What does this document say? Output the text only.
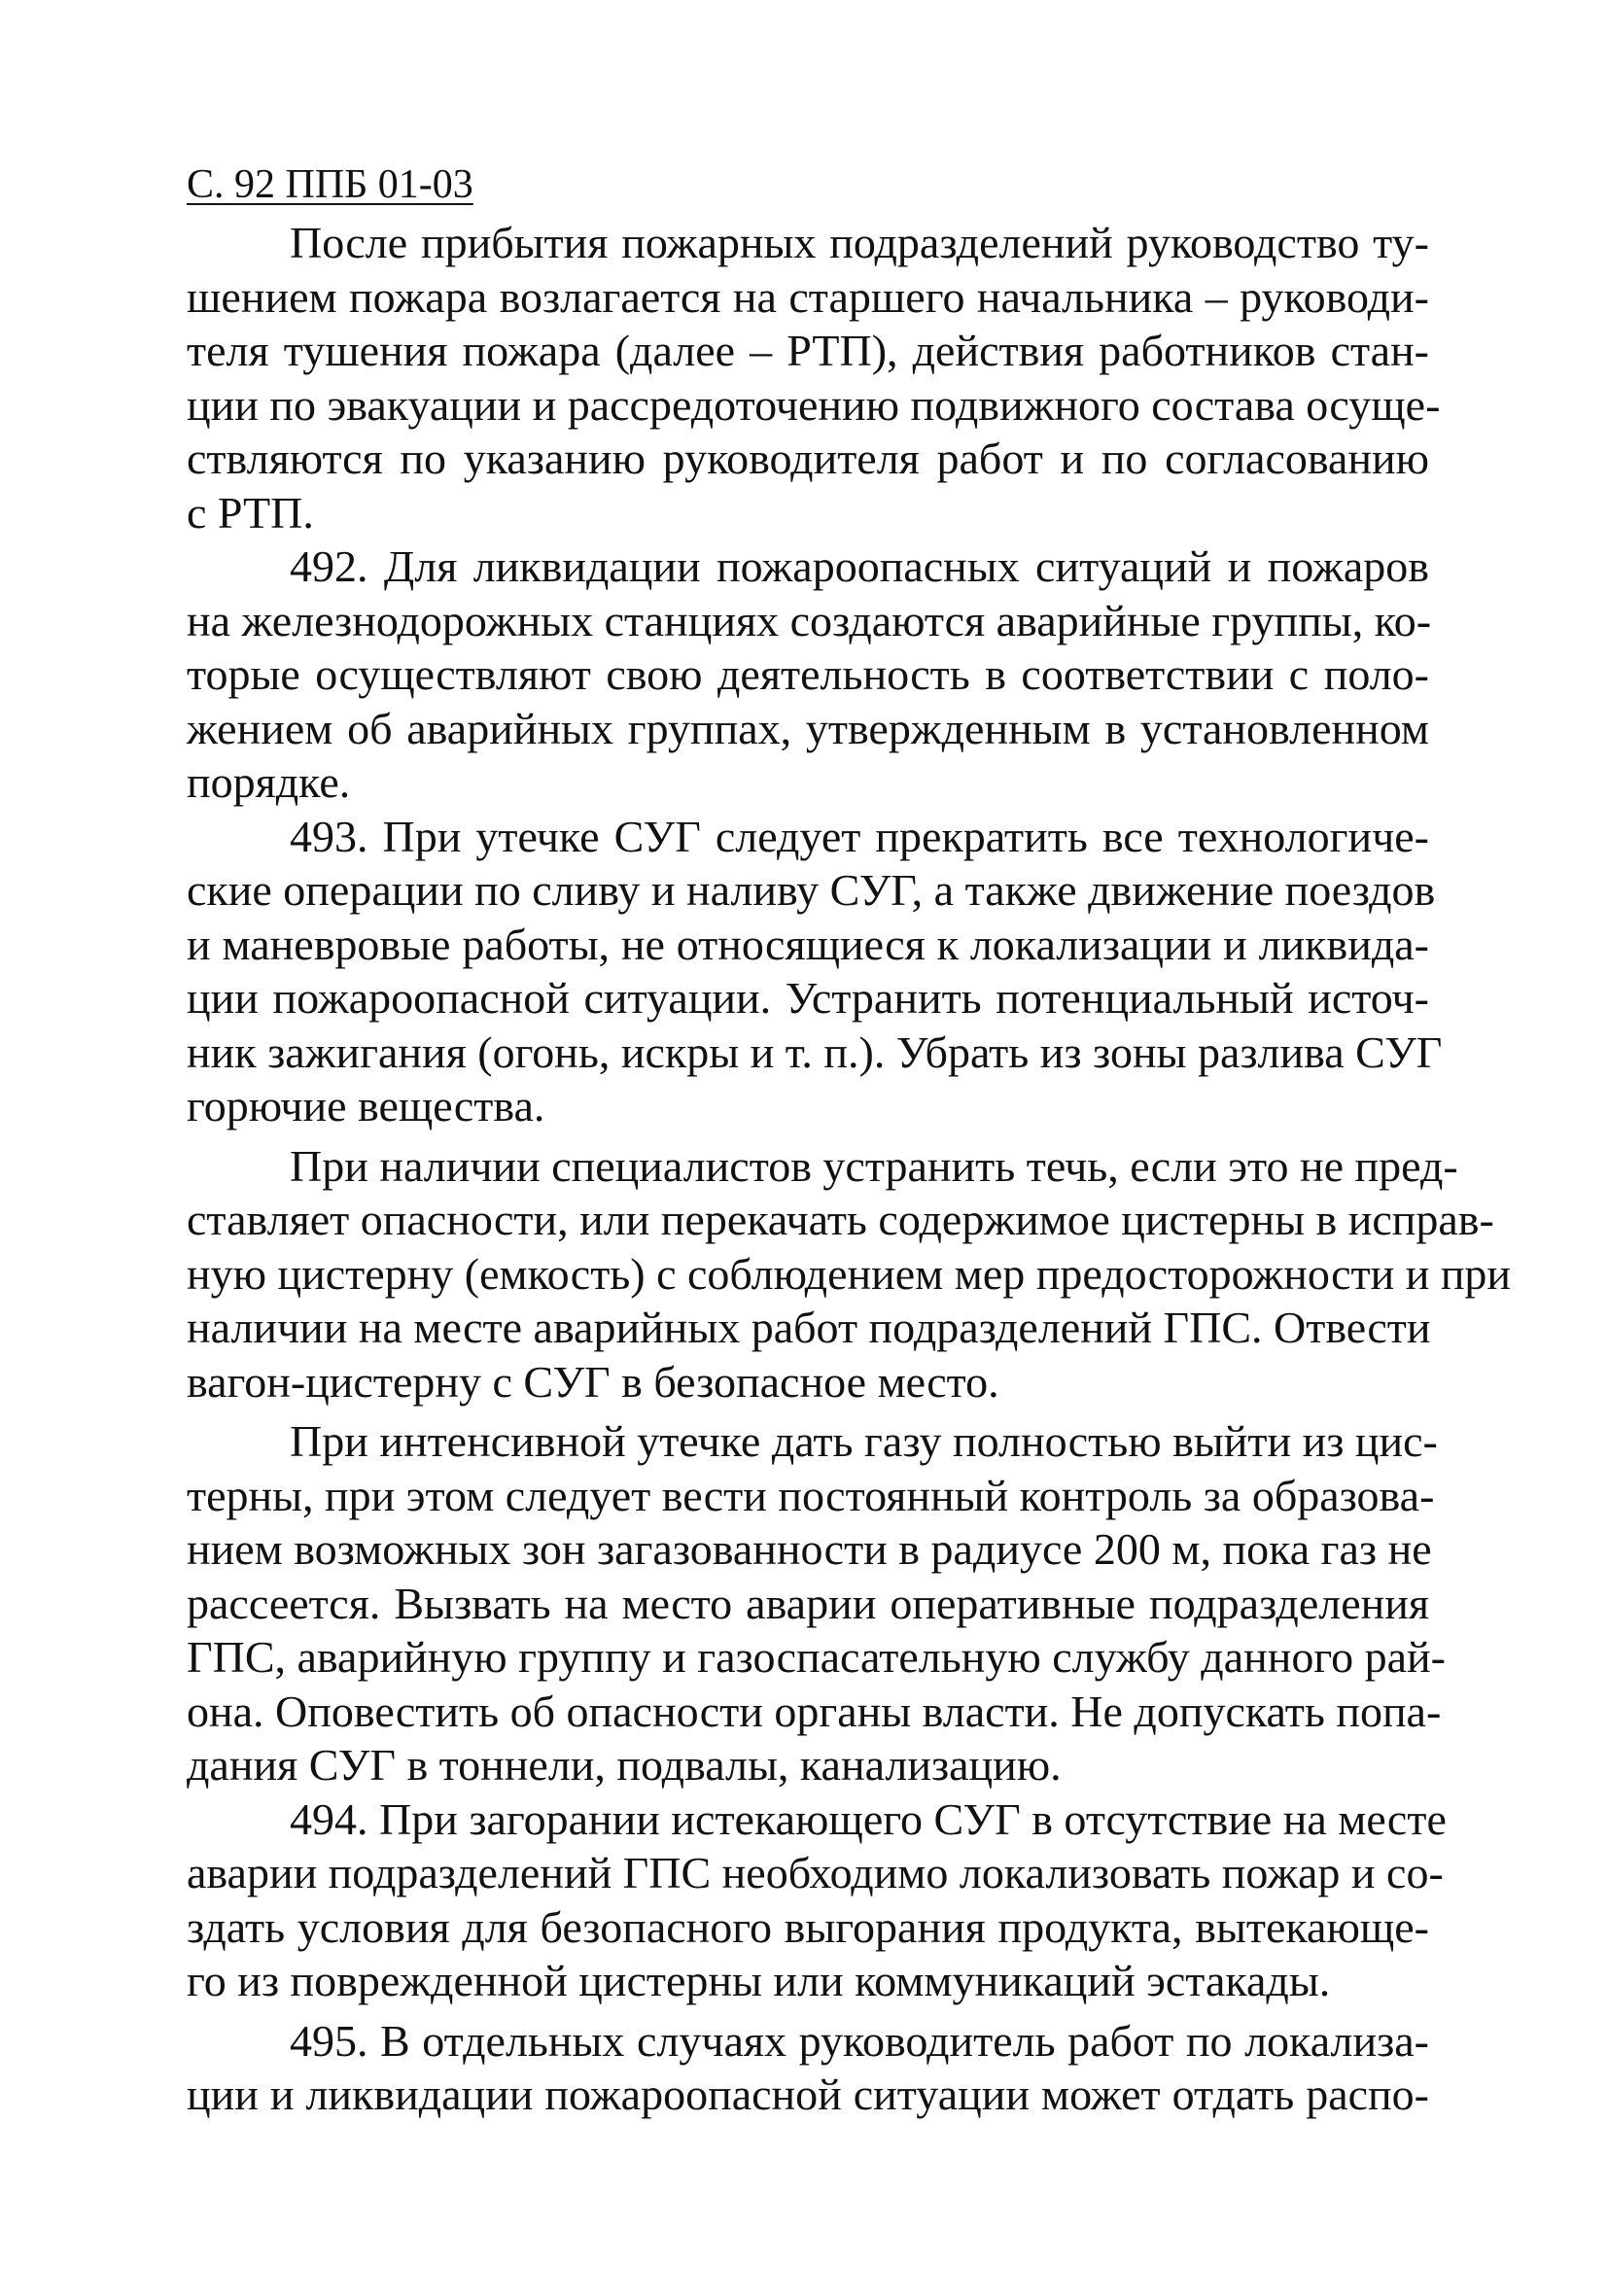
С. 92 ППБ 01-03
После прибытия пожарных подразделений руководство ту-
шением пожара возлагается на старшего начальника – руководи-
теля тушения пожара (далее – РТП), действия работников стан-
ции по эвакуации и рассредоточению подвижного состава осуще-
ствляются по указанию руководителя работ и по согласованию
с РТП.
492. Для ликвидации пожароопасных ситуаций и пожаров
на железнодорожных станциях создаются аварийные группы, ко-
торые осуществляют свою деятельность в соответствии с поло-
жением об аварийных группах, утвержденным в установленном
порядке.
493. При утечке СУГ следует прекратить все технологиче-
ские операции по сливу и наливу СУГ, а также движение поездов
и маневровые работы, не относящиеся к локализации и ликвида-
ции пожароопасной ситуации. Устранить потенциальный источ-
ник зажигания (огонь, искры и т. п.). Убрать из зоны разлива СУГ
горючие вещества.
При наличии специалистов устранить течь, если это не пред-
ставляет опасности, или перекачать содержимое цистерны в исправ-
ную цистерну (емкость) с соблюдением мер предосторожности и при
наличии на месте аварийных работ подразделений ГПС. Отвести
вагон-цистерну с СУГ в безопасное место.
При интенсивной утечке дать газу полностью выйти из цис-
терны, при этом следует вести постоянный контроль за образова-
нием возможных зон загазованности в радиусе 200 м, пока газ не
рассеется. Вызвать на место аварии оперативные подразделения
ГПС, аварийную группу и газоспасательную службу данного рай-
она. Оповестить об опасности органы власти. Не допускать попа-
дания СУГ в тоннели, подвалы, канализацию.
494. При загорании истекающего СУГ в отсутствие на месте
аварии подразделений ГПС необходимо локализовать пожар и со-
здать условия для безопасного выгорания продукта, вытекающе-
го из поврежденной цистерны или коммуникаций эстакады.
495. В отдельных случаях руководитель работ по локализа-
ции и ликвидации пожароопасной ситуации может отдать распо-
